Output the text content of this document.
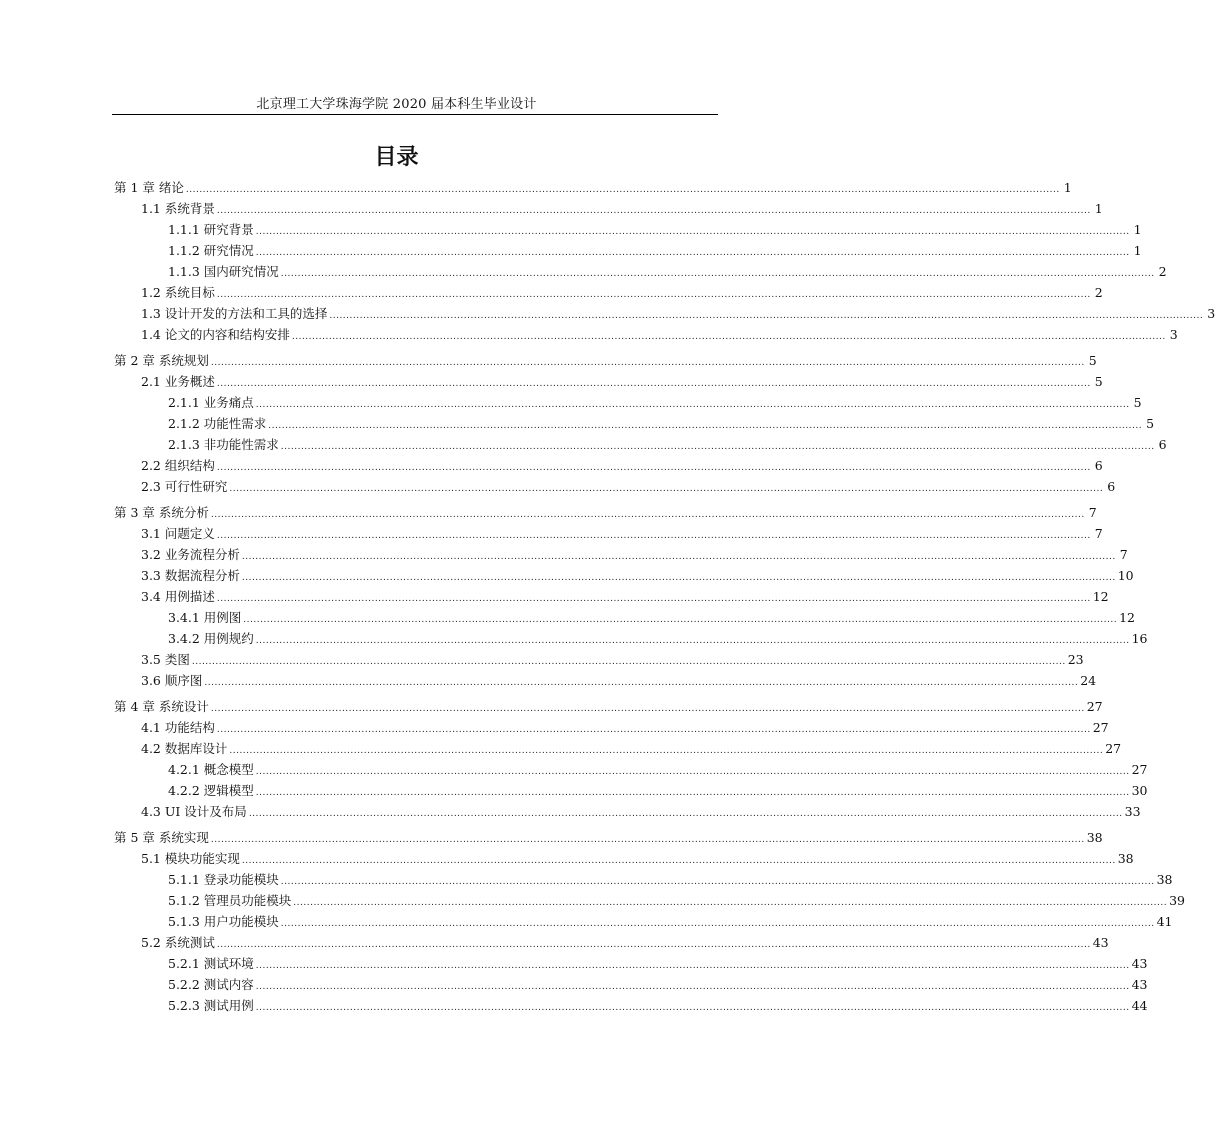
北京理工大学珠海学院 2020 届本科生毕业设计
目录
第 1 章 绪论 .................................................................................................................................................................................................................................................................... 1
1.1 系统背景 .................................................................................................................................................................................................................................................................... 1
1.1.1 研究背景 .................................................................................................................................................................................................................................................................... 1
1.1.2 研究情况 .................................................................................................................................................................................................................................................................... 1
1.1.3 国内研究情况 .................................................................................................................................................................................................................................................................... 2
1.2 系统目标 .................................................................................................................................................................................................................................................................... 2
1.3 设计开发的方法和工具的选择 .................................................................................................................................................................................................................................................................... 3
1.4 论文的内容和结构安排 .................................................................................................................................................................................................................................................................... 3
第 2 章 系统规划 .................................................................................................................................................................................................................................................................... 5
2.1 业务概述 .................................................................................................................................................................................................................................................................... 5
2.1.1 业务痛点 .................................................................................................................................................................................................................................................................... 5
2.1.2 功能性需求 .................................................................................................................................................................................................................................................................... 5
2.1.3 非功能性需求 .................................................................................................................................................................................................................................................................... 6
2.2 组织结构 .................................................................................................................................................................................................................................................................... 6
2.3 可行性研究 .................................................................................................................................................................................................................................................................... 6
第 3 章 系统分析 .................................................................................................................................................................................................................................................................... 7
3.1 问题定义 .................................................................................................................................................................................................................................................................... 7
3.2 业务流程分析 .................................................................................................................................................................................................................................................................... 7
3.3 数据流程分析 .................................................................................................................................................................................................................................................................... 10
3.4 用例描述 .................................................................................................................................................................................................................................................................... 12
3.4.1 用例图 .................................................................................................................................................................................................................................................................... 12
3.4.2 用例规约 .................................................................................................................................................................................................................................................................... 16
3.5 类图 .................................................................................................................................................................................................................................................................... 23
3.6 顺序图 .................................................................................................................................................................................................................................................................... 24
第 4 章 系统设计 .................................................................................................................................................................................................................................................................... 27
4.1 功能结构 .................................................................................................................................................................................................................................................................... 27
4.2 数据库设计 .................................................................................................................................................................................................................................................................... 27
4.2.1 概念模型 .................................................................................................................................................................................................................................................................... 27
4.2.2 逻辑模型 .................................................................................................................................................................................................................................................................... 30
4.3 UI 设计及布局 .................................................................................................................................................................................................................................................................... 33
第 5 章 系统实现 .................................................................................................................................................................................................................................................................... 38
5.1 模块功能实现 .................................................................................................................................................................................................................................................................... 38
5.1.1 登录功能模块 .................................................................................................................................................................................................................................................................... 38
5.1.2 管理员功能模块 .................................................................................................................................................................................................................................................................... 39
5.1.3 用户功能模块 .................................................................................................................................................................................................................................................................... 41
5.2 系统测试 .................................................................................................................................................................................................................................................................... 43
5.2.1 测试环境 .................................................................................................................................................................................................................................................................... 43
5.2.2 测试内容 .................................................................................................................................................................................................................................................................... 43
5.2.3 测试用例 .................................................................................................................................................................................................................................................................... 44
